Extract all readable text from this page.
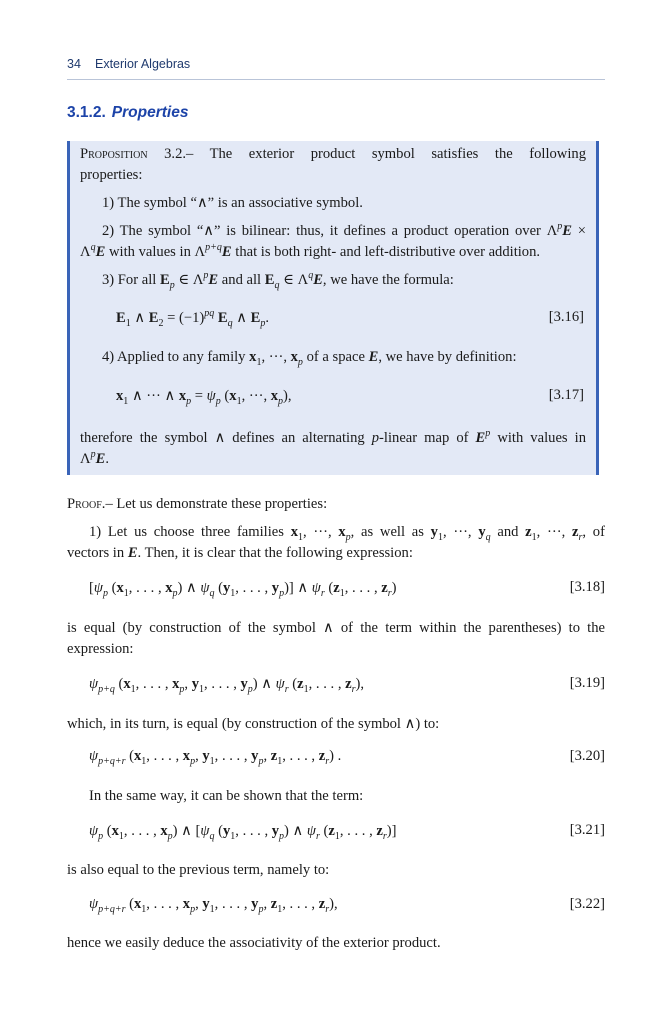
34 Exterior Algebras
3.1.2. Properties
Proposition 3.2.– The exterior product symbol satisfies the following
properties:
1) The symbol “∧” is an associative symbol.
2) The symbol “∧” is bilinear: thus, it defines a product operation over $\Lambda^pE$ ×
$\Lambda^qE$ with values in $\Lambda^{p+q}E$ that is both right- and left-distributive over addition.
3) For all $E_p$ ∈ $\Lambda^pE$ and all $E_q$ ∈ $\Lambda^qE$, we have the formula:
$E_1$ ∧ $E_2 = (-1)^{pq}$ $E_q$ ∧ $E_p$.	[3.16]
4) Applied to any family $x_1$, ···, $x_p$ of a space E, we have by definition:
$x_1$ ∧ ··· ∧ $x_p = \psi_p$ ($x_1$, ···, $x_p$),	[3.17]
therefore the symbol ∧ defines an alternating p-linear map of $E^p$ with values in
$\Lambda^pE$.
Proof.– Let us demonstrate these properties:
1) Let us choose three families $x_1$, ···, $x_p$, as well as $y_1$, ···, $y_q$ and $z_1$, ···, $z_r$, of
vectors in E. Then, it is clear that the following expression:
[$\psi_p$ ($x_1$, . . . , $x_p$) ∧ $\psi_q$ ($y_1$, . . . , $y_p$)] ∧ $\psi_r$ ($z_1$, . . . , $z_r$)	[3.18]
is equal (by construction of the symbol ∧ of the term within the parentheses) to the
expression:
$\psi_{p+q}$ ($x_1$, . . . , $x_p$, $y_1$, . . . , $y_p$) ∧ $\psi_r$ ($z_1$, . . . , $z_r$),	[3.19]
which, in its turn, is equal (by construction of the symbol ∧) to:
$\psi_{p+q+r}$ ($x_1$, . . . , $x_p$, $y_1$, . . . , $y_p$, $z_1$, . . . , $z_r$) .	[3.20]
In the same way, it can be shown that the term:
$\psi_p$ ($x_1$, . . . , $x_p$) ∧ [$\psi_q$ ($y_1$, . . . , $y_p$) ∧ $\psi_r$ ($z_1$, . . . , $z_r$)]	[3.21]
is also equal to the previous term, namely to:
$\psi_{p+q+r}$ ($x_1$, . . . , $x_p$, $y_1$, . . . , $y_p$, $z_1$, . . . , $z_r$),	[3.22]
hence we easily deduce the associativity of the exterior product.
